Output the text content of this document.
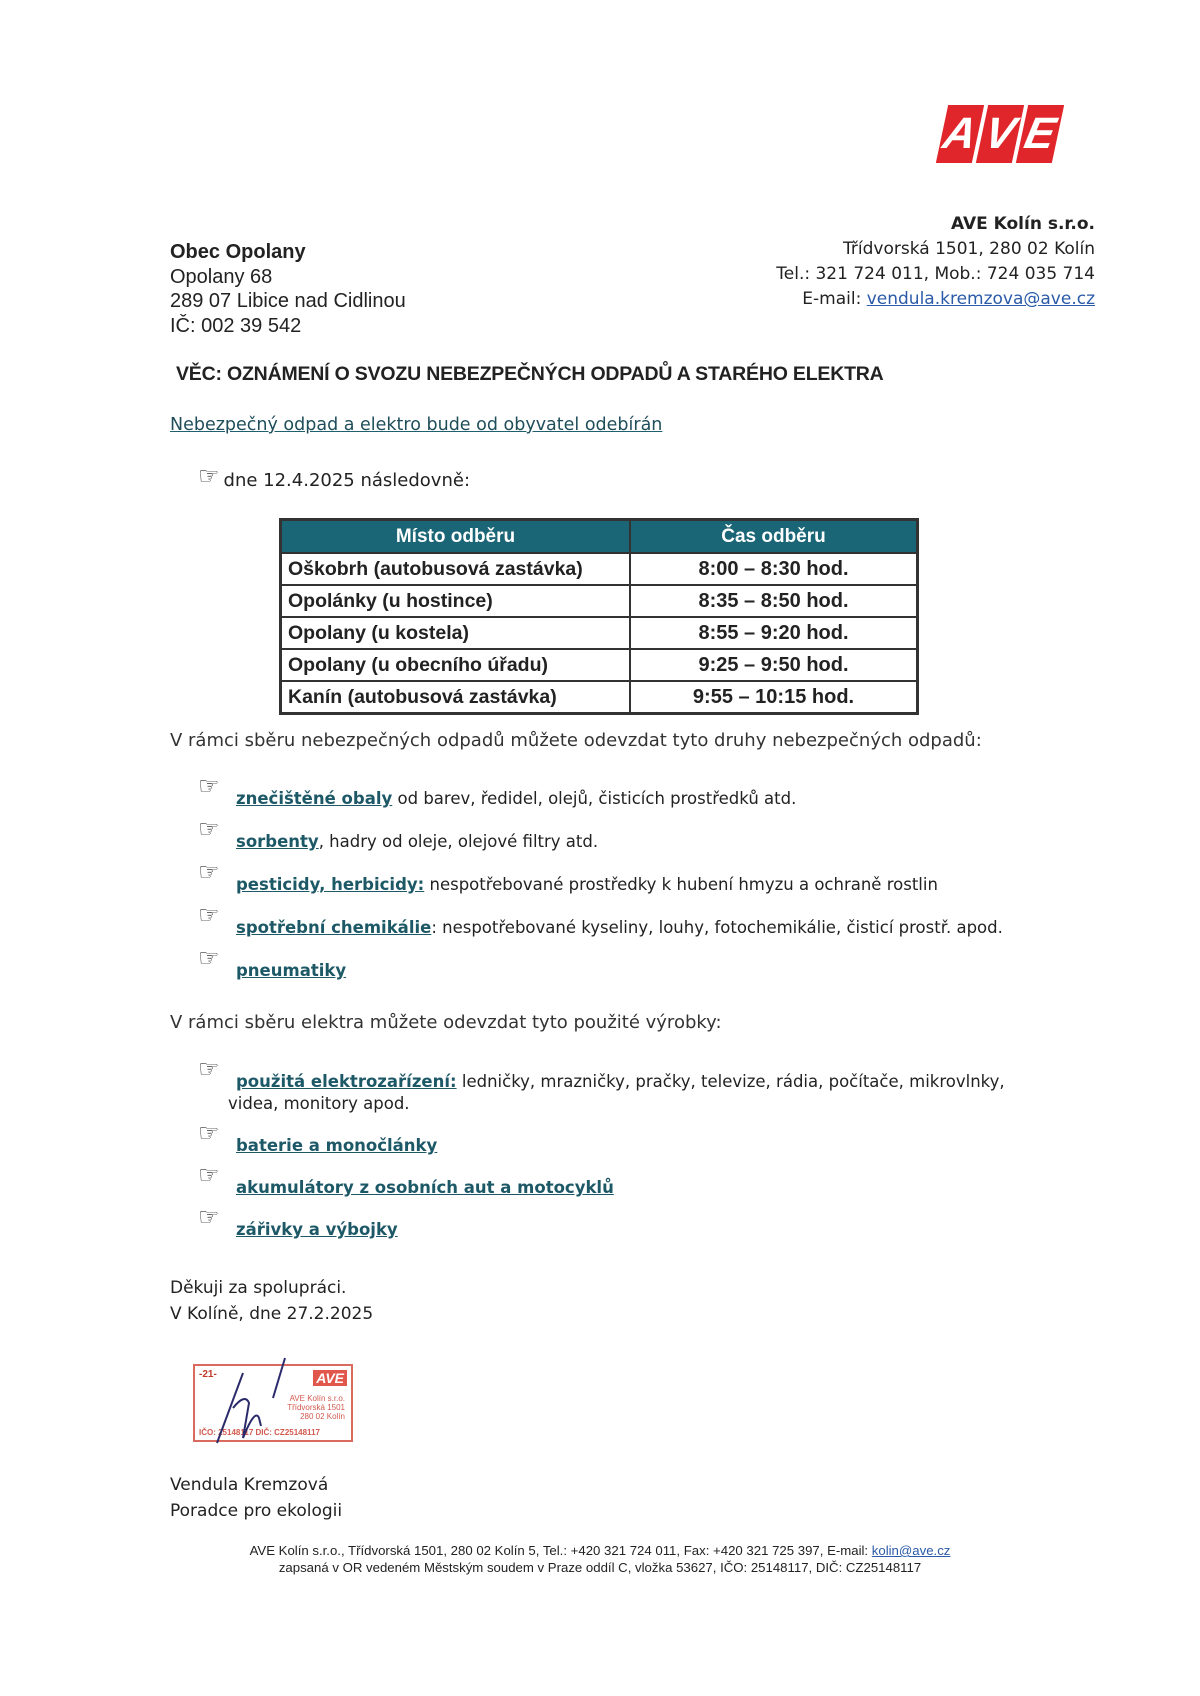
A V E
AVE Kolín s.r.o.
Třídvorská 1501, 280 02 Kolín
Tel.: 321 724 011, Mob.: 724 035 714
E-mail: vendula.kremzova@ave.cz
Obec Opolany
Opolany 68
289 07 Libice nad Cidlinou
IČ: 002 39 542
VĚC: OZNÁMENÍ O SVOZU NEBEZPEČNÝCH ODPADŮ A STARÉHO ELEKTRA
Nebezpečný odpad a elektro bude od obyvatel odebírán
☞ dne 12.4.2025 následovně:
Místo odběru	Čas odběru
Oškobrh (autobusová zastávka)	8:00 – 8:30 hod.
Opolánky (u hostince)	8:35 – 8:50 hod.
Opolany (u kostela)	8:55 – 9:20 hod.
Opolany (u obecního úřadu)	9:25 – 9:50 hod.
Kanín (autobusová zastávka)	9:55 – 10:15 hod.
V rámci sběru nebezpečných odpadů můžete odevzdat tyto druhy nebezpečných odpadů:
☞ znečištěné obaly od barev, ředidel, olejů, čisticích prostředků atd.
☞ sorbenty, hadry od oleje, olejové filtry atd.
☞ pesticidy, herbicidy: nespotřebované prostředky k hubení hmyzu a ochraně rostlin
☞ spotřební chemikálie: nespotřebované kyseliny, louhy, fotochemikálie, čisticí prostř. apod.
☞ pneumatiky
V rámci sběru elektra můžete odevzdat tyto použité výrobky:
☞ použitá elektrozařízení: ledničky, mrazničky, pračky, televize, rádia, počítače, mikrovlnky,
videa, monitory apod.
☞ baterie a monočlánky
☞ akumulátory z osobních aut a motocyklů
☞ zářivky a výbojky
Děkuji za spolupráci.
V Kolíně, dne 27.2.2025
-21-	AVE
AVE Kolín s.r.o.
Třídvorská 1501
280 02 Kolín
IČO: 25148117 DIČ: CZ25148117
Vendula Kremzová
Poradce pro ekologii
AVE Kolín s.r.o., Třídvorská 1501, 280 02 Kolín 5, Tel.: +420 321 724 011, Fax: +420 321 725 397, E-mail: kolin@ave.cz
zapsaná v OR vedeném Městským soudem v Praze oddíl C, vložka 53627, IČO: 25148117, DIČ: CZ25148117
